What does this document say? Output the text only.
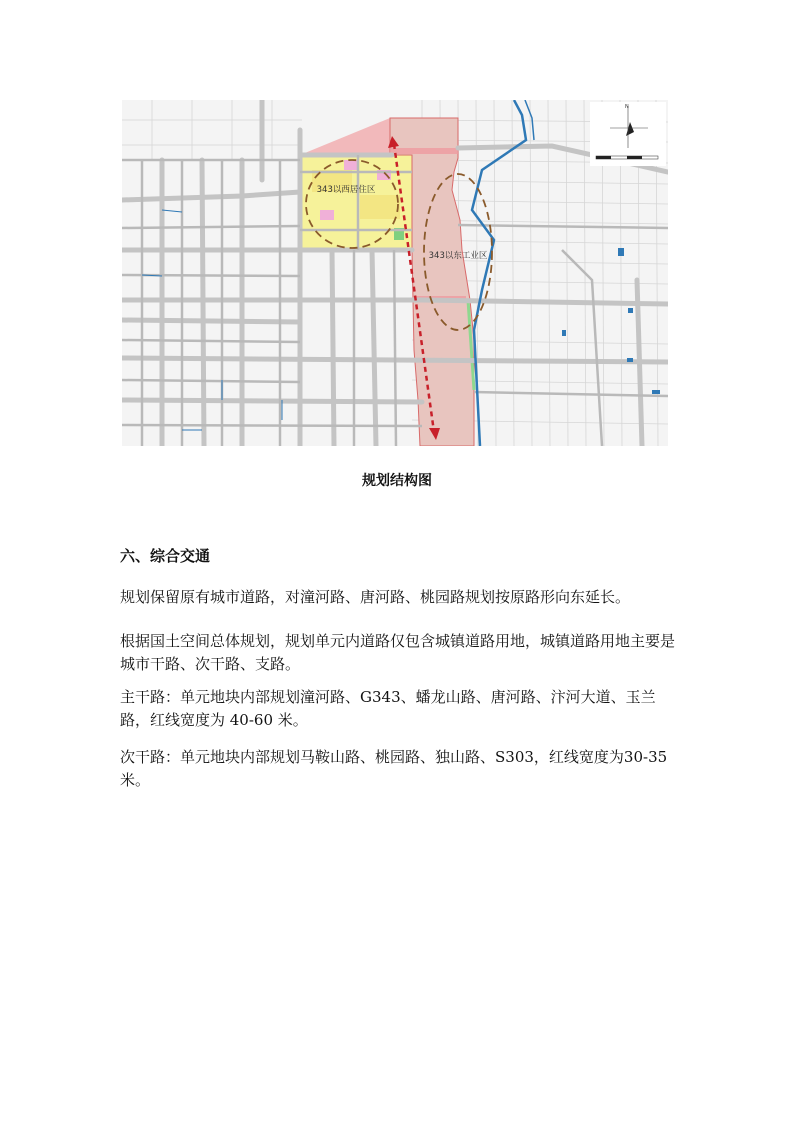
343以西居住区
343以东工业区
N
规划结构图
六、综合交通
规划保留原有城市道路，对潼河路、唐河路、桃园路规划按原路形向东延长。
根据国土空间总体规划，规划单元内道路仅包含城镇道路用地，城镇道路用地主要是城市干路、次干路、支路。
主干路：单元地块内部规划潼河路、G343、蟠龙山路、唐河路、汴河大道、玉兰路，红线宽度为 40-60 米。
次干路：单元地块内部规划马鞍山路、桃园路、独山路、S303，红线宽度为30-35 米。
